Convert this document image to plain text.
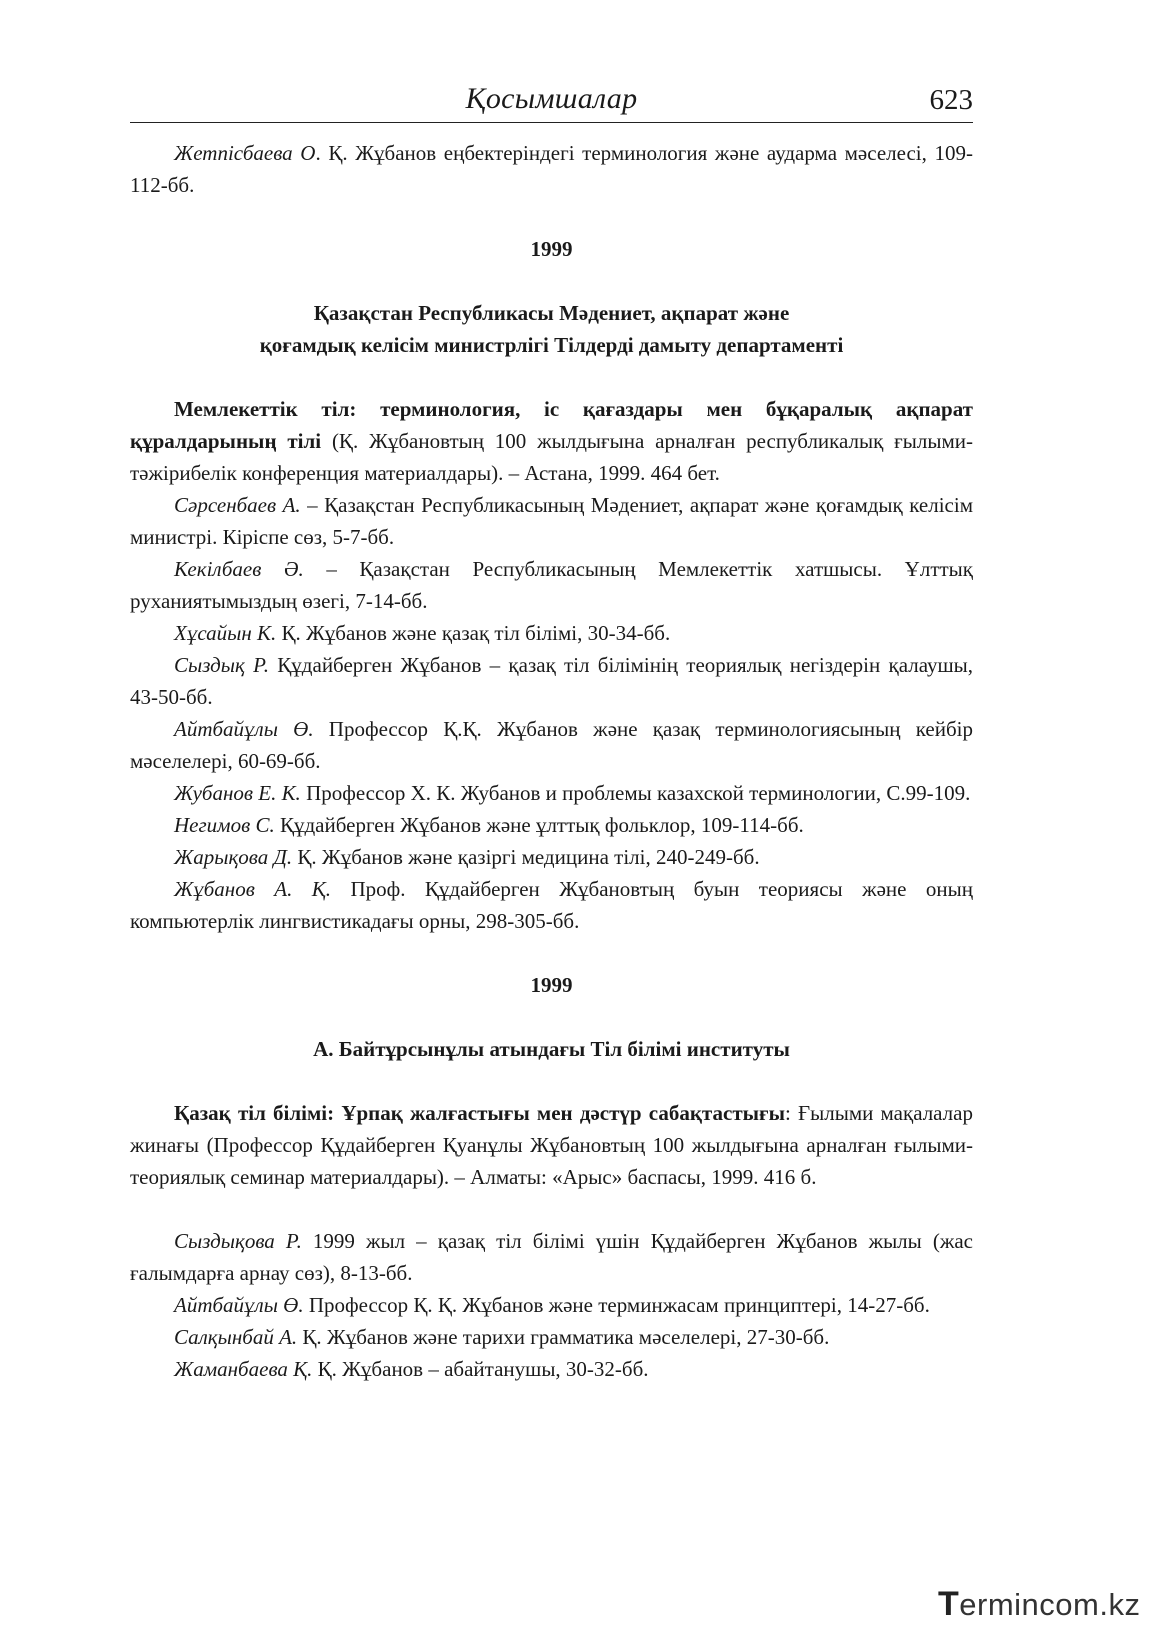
Қосымшалар	623

Жетпісбаева О. Қ. Жұбанов еңбектеріндегі терминология және аударма мәселесі, 109-112-бб.

1999

Қазақстан Республикасы Мәдениет, ақпарат және

қоғамдық келісім министрлігі Тілдерді дамыту департаменті

Мемлекеттік тіл: терминология, іс қағаздары мен бұқаралық ақпарат құралдарының тілі (Қ. Жұбановтың 100 жылдығына арналған республикалық ғылыми-тәжірибелік конференция материалдары). – Астана, 1999. 464 бет.

Сәрсенбаев А. – Қазақстан Республикасының Мәдениет, ақпарат және қоғамдық келісім министрі. Кіріспе сөз, 5-7-бб.

Кекілбаев Ә. – Қазақстан Республикасының Мемлекеттік хатшысы. Ұлттық руханиятымыздың өзегі, 7-14-бб.

Хұсайын К. Қ. Жұбанов және қазақ тіл білімі, 30-34-бб.

Сыздық Р. Құдайберген Жұбанов – қазақ тіл білімінің теориялық негіздерін қалаушы, 43-50-бб.

Айтбайұлы Ө. Профессор Қ.Қ. Жұбанов және қазақ терминологиясының кейбір мәселелері, 60-69-бб.

Жубанов Е. К. Профессор Х. К. Жубанов и проблемы казахской терминологии, С.99-109.

Негимов С. Құдайберген Жұбанов және ұлттық фольклор, 109-114-бб.

Жарықова Д. Қ. Жұбанов және қазіргі медицина тілі, 240-249-бб.

Жұбанов А. Қ. Проф. Құдайберген Жұбановтың буын теориясы және оның компьютерлік лингвистикадағы орны, 298-305-бб.

1999

А. Байтұрсынұлы атындағы Тіл білімі институты

Қазақ тіл білімі: Ұрпақ жалғастығы мен дәстүр сабақтастығы: Ғылыми мақалалар жинағы (Профессор Құдайберген Қуанұлы Жұбановтың 100 жылдығына арналған ғылыми-теориялық семинар материалдары). – Алматы: «Арыс» баспасы, 1999. 416 б.

Сыздықова Р. 1999 жыл – қазақ тіл білімі үшін Құдайберген Жұбанов жылы (жас ғалымдарға арнау сөз), 8-13-бб.

Айтбайұлы Ө. Профессор Қ. Қ. Жұбанов және терминжасам принциптері, 14-27-бб.

Салқынбай А. Қ. Жұбанов және тарихи грамматика мәселелері, 27-30-бб.

Жаманбаева Қ. Қ. Жұбанов – абайтанушы, 30-32-бб.

Termincom.kz
